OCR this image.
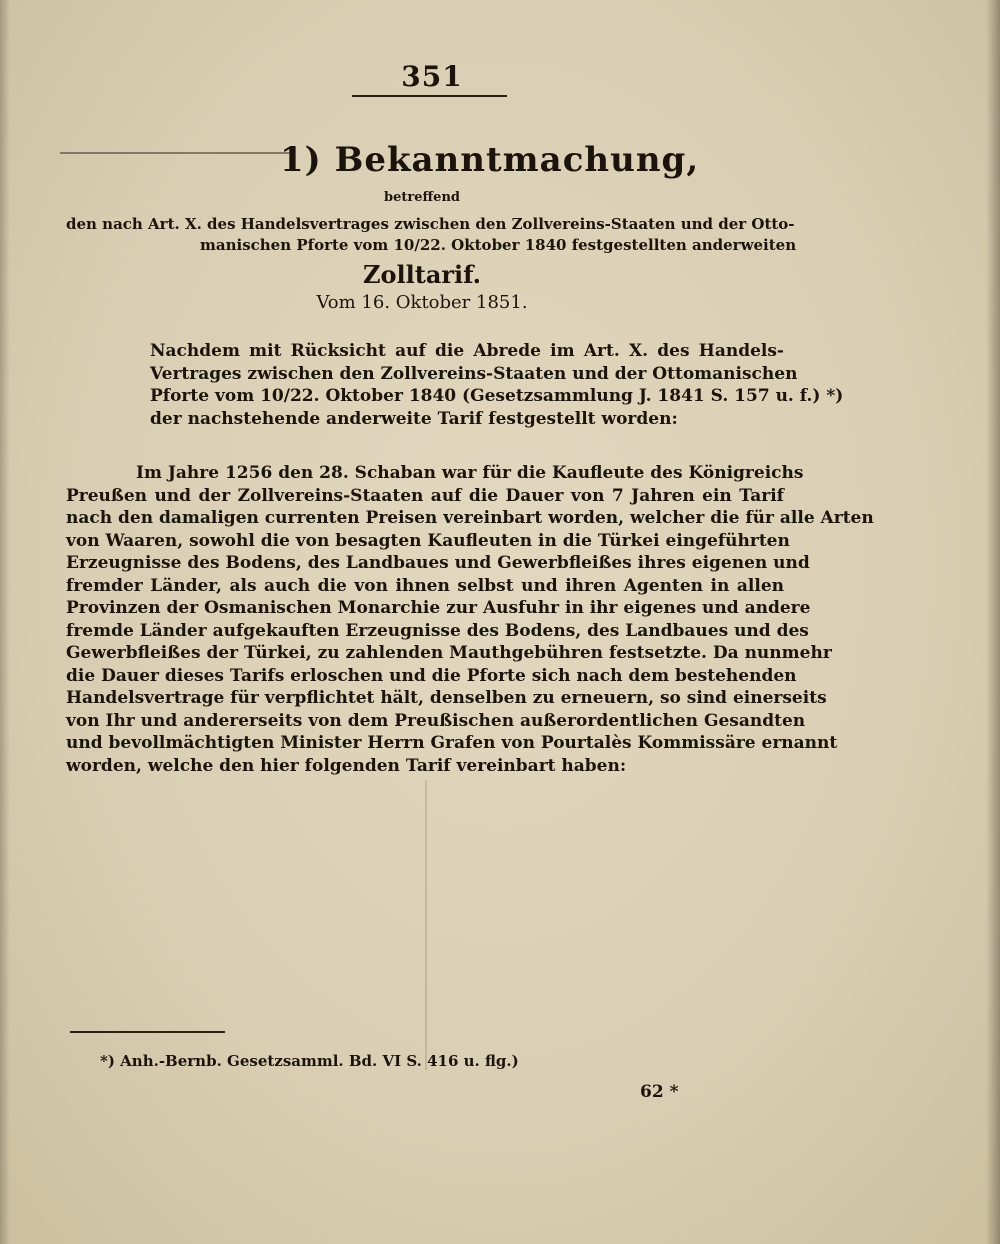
351
1) Bekanntmachung,
betreffend
den nach Art. X. des Handelsvertrages zwischen den Zollvereins-Staaten und der Otto-
manischen Pforte vom 10/22. Oktober 1840 festgestellten anderweiten
Zolltarif.
Vom 16. Oktober 1851.
Nachdem mit Rücksicht auf die Abrede im Art. X. des Handels-
Vertrages zwischen den Zollvereins-Staaten und der Ottomanischen
Pforte vom 10/22. Oktober 1840 (Gesetzsammlung J. 1841 S. 157 u. f.) *)
der nachstehende anderweite Tarif festgestellt worden:
Im Jahre 1256 den 28. Schaban war für die Kaufleute des Königreichs
Preußen und der Zollvereins-Staaten auf die Dauer von 7 Jahren ein Tarif
nach den damaligen currenten Preisen vereinbart worden, welcher die für alle Arten
von Waaren, sowohl die von besagten Kaufleuten in die Türkei eingeführten
Erzeugnisse des Bodens, des Landbaues und Gewerbfleißes ihres eigenen und
fremder Länder, als auch die von ihnen selbst und ihren Agenten in allen
Provinzen der Osmanischen Monarchie zur Ausfuhr in ihr eigenes und andere
fremde Länder aufgekauften Erzeugnisse des Bodens, des Landbaues und des
Gewerbfleißes der Türkei, zu zahlenden Mauthgebühren festsetzte. Da nunmehr
die Dauer dieses Tarifs erloschen und die Pforte sich nach dem bestehenden
Handelsvertrage für verpflichtet hält, denselben zu erneuern, so sind einerseits
von Ihr und andererseits von dem Preußischen außerordentlichen Gesandten
und bevollmächtigten Minister Herrn Grafen von Pourtalès Kommissäre ernannt
worden, welche den hier folgenden Tarif vereinbart haben:
*) Anh.-Bernb. Gesetzsamml. Bd. VI S. 416 u. flg.)
62 *
